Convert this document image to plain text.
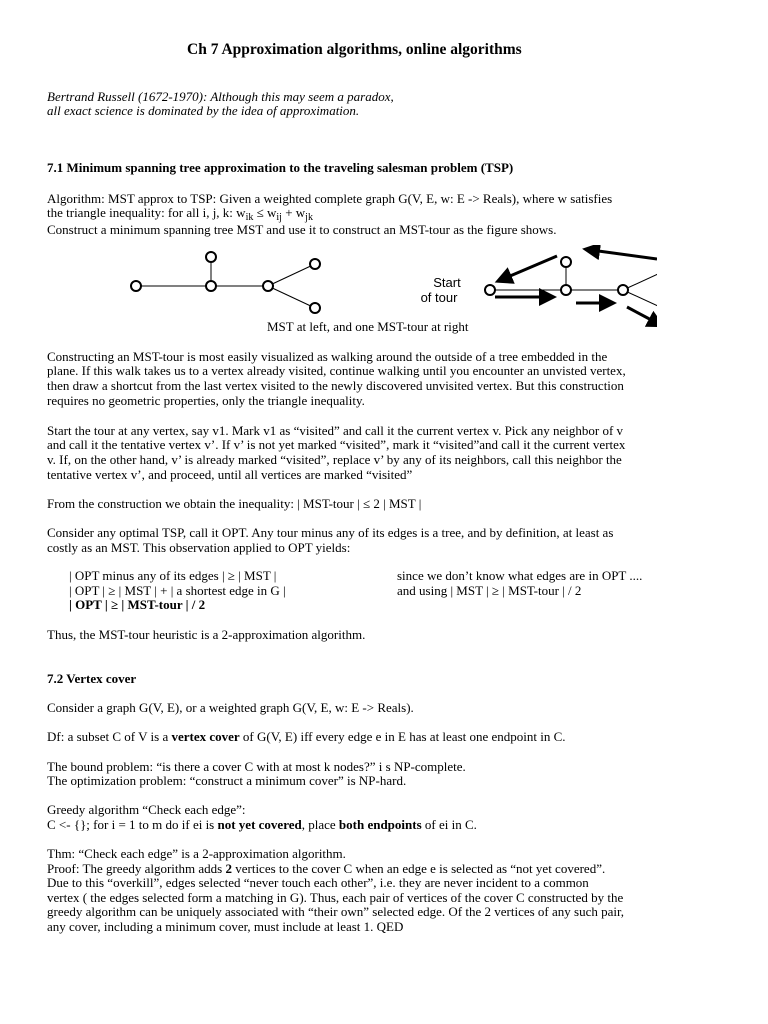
Ch 7 Approximation algorithms, online algorithms
Bertrand Russell (1672-1970): Although this may seem a paradox,
all exact science is dominated by the idea of approximation.
7.1 Minimum spanning tree approximation to the traveling salesman problem (TSP)
Algorithm: MST approx to TSP: Given a weighted complete graph G(V, E, w: E -> Reals), where w satisfies
the triangle inequality: for all i, j, k: $w_{ik} \le w_{ij} + w_{jk}$
Construct a minimum spanning tree MST and use it to construct an MST-tour as the figure shows.
Start
of tour
MST at left, and one MST-tour at right
Constructing an MST-tour is most easily visualized as walking around the outside of a tree embedded in the
plane. If this walk takes us to a vertex already visited, continue walking until you encounter an unvisted vertex,
then draw a shortcut from the last vertex visited to the newly discovered unvisited vertex. But this construction
requires no geometric properties, only the triangle inequality.
Start the tour at any vertex, say v1. Mark v1 as “visited” and call it the current vertex v. Pick any neighbor of v
and call it the tentative vertex v’. If v’ is not yet marked “visited”, mark it “visited”and call it the current vertex
v. If, on the other hand, v’ is already marked “visited”, replace v’ by any of its neighbors, call this neighbor the
tentative vertex v’, and proceed, until all vertices are marked “visited”
From the construction we obtain the inequality: | MST-tour | ≤ 2 | MST |
Consider any optimal TSP, call it OPT. Any tour minus any of its edges is a tree, and by definition, at least as
costly as an MST. This observation applied to OPT yields:
| OPT minus any of its edges | ≥ | MST |	since we don’t know what edges are in OPT ....
| OPT | ≥ | MST | + | a shortest edge in G |	and using | MST | ≥ | MST-tour | / 2
| OPT | ≥ | MST-tour | / 2
Thus, the MST-tour heuristic is a 2-approximation algorithm.
7.2 Vertex cover
Consider a graph G(V, E), or a weighted graph G(V, E, w: E -> Reals).
Df: a subset C of V is a vertex cover of G(V, E) iff every edge e in E has at least one endpoint in C.
The bound problem: “is there a cover C with at most k nodes?” i s NP-complete.
The optimization problem: “construct a minimum cover” is NP-hard.
Greedy algorithm “Check each edge”:
C <- {}; for i = 1 to m do if ei is not yet covered, place both endpoints of ei in C.
Thm: “Check each edge” is a 2-approximation algorithm.
Proof: The greedy algorithm adds 2 vertices to the cover C when an edge e is selected as “not yet covered”.
Due to this “overkill”, edges selected “never touch each other”, i.e. they are never incident to a common
vertex ( the edges selected form a matching in G). Thus, each pair of vertices of the cover C constructed by the
greedy algorithm can be uniquely associated with “their own” selected edge. Of the 2 vertices of any such pair,
any cover, including a minimum cover, must include at least 1. QED
